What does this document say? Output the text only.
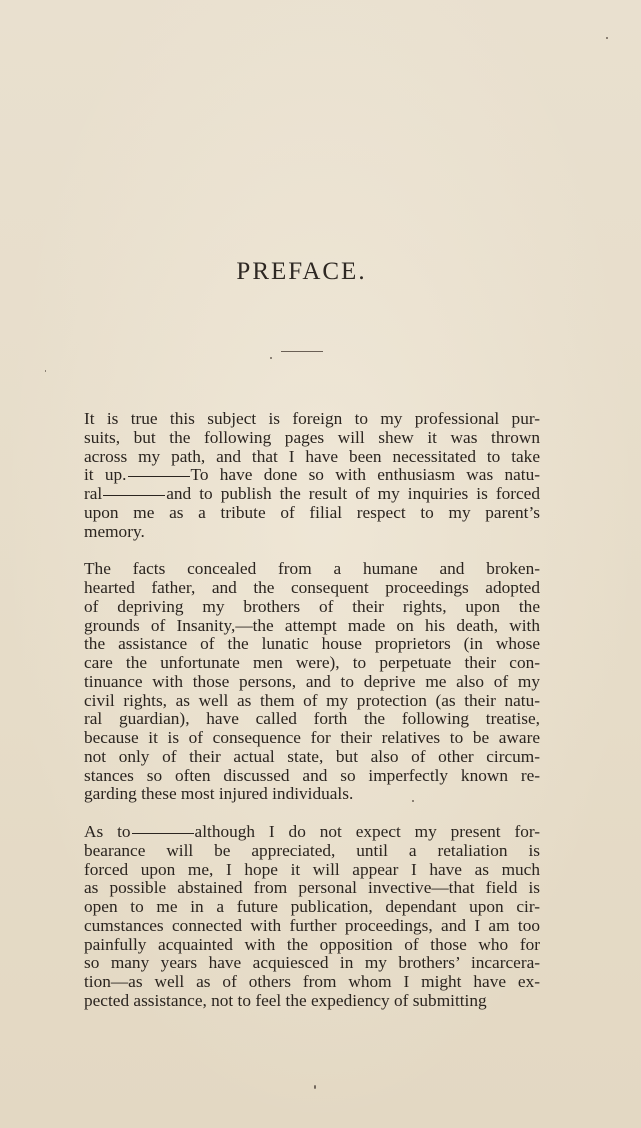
PREFACE.
It is true this subject is foreign to my professional pur-
suits, but the following pages will shew it was thrown
across my path, and that I have been necessitated to take
it up.	To have done so with enthusiasm was natu-
ral	and to publish the result of my inquiries is forced
upon me as a tribute of filial respect to my parent’s
memory.
The facts concealed from a humane and broken-
hearted father, and the consequent proceedings adopted
of depriving my brothers of their rights, upon the
grounds of Insanity,—the attempt made on his death, with
the assistance of the lunatic house proprietors (in whose
care the unfortunate men were), to perpetuate their con-
tinuance with those persons, and to deprive me also of my
civil rights, as well as them of my protection (as their natu-
ral guardian), have called forth the following treatise,
because it is of consequence for their relatives to be aware
not only of their actual state, but also of other circum-
stances so often discussed and so imperfectly known re-
garding these most injured individuals.
As to	although I do not expect my present for-
bearance will be appreciated, until a retaliation is
forced upon me, I hope it will appear I have as much
as possible abstained from personal invective—that field is
open to me in a future publication, dependant upon cir-
cumstances connected with further proceedings, and I am too
painfully acquainted with the opposition of those who for
so many years have acquiesced in my brothers’ incarcera-
tion—as well as of others from whom I might have ex-
pected assistance, not to feel the expediency of submitting
